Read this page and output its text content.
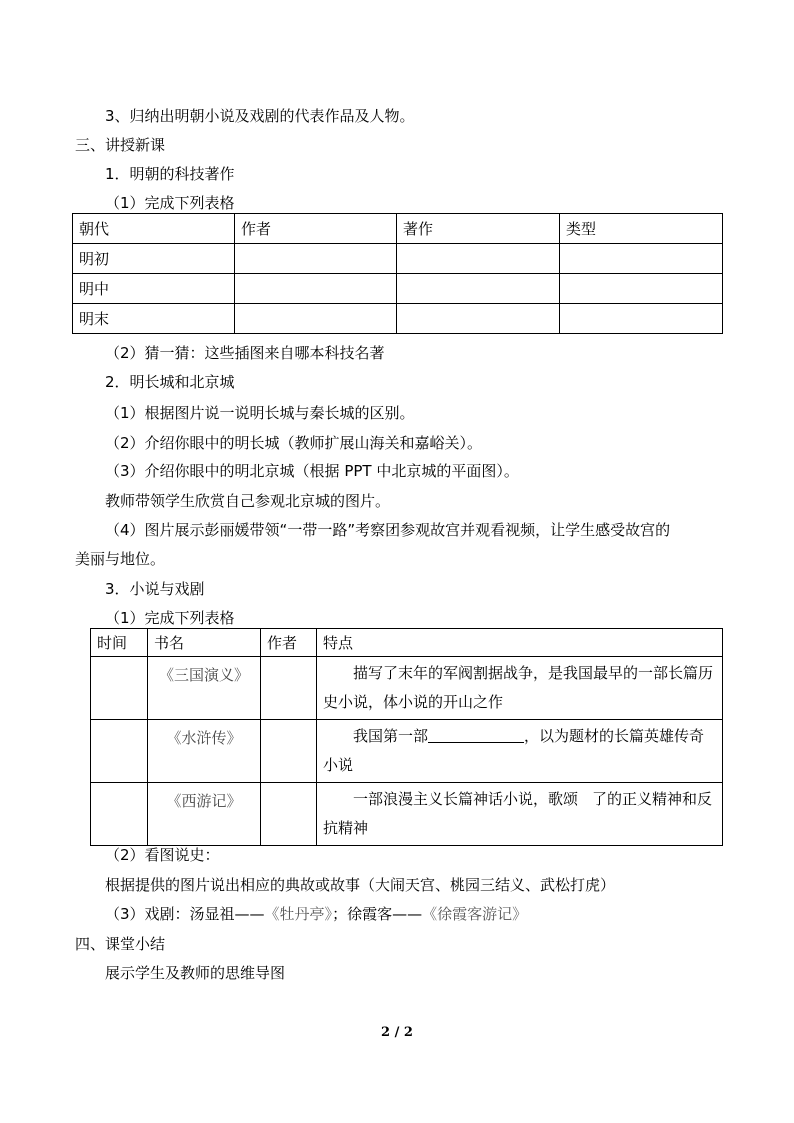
3、归纳出明朝小说及戏剧的代表作品及人物。
三、讲授新课
1．明朝的科技著作
（1）完成下列表格
朝代	作者	著作	类型
明初			
明中			
明末			
（2）猜一猜：这些插图来自哪本科技名著
2．明长城和北京城
（1）根据图片说一说明长城与秦长城的区别。
（2）介绍你眼中的明长城（教师扩展山海关和嘉峪关）。
（3）介绍你眼中的明北京城（根据 PPT 中北京城的平面图）。
教师带领学生欣赏自己参观北京城的图片。
（4）图片展示彭丽媛带领“一带一路”考察团参观故宫并观看视频，让学生感受故宫的
美丽与地位。
3．小说与戏剧
（1）完成下列表格
时间	书名	作者	特点
	《三国演义》		描写了末年的军阀割据战争，是我国最早的一部长篇历史小说，体小说的开山之作
	《水浒传》		我国第一部 ，以为题材的长篇英雄传奇小说
	《西游记》		一部浪漫主义长篇神话小说，歌颂 了的正义精神和反抗精神
（2）看图说史：
根据提供的图片说出相应的典故或故事（大闹天宫、桃园三结义、武松打虎）
（3）戏剧：汤显祖——《牡丹亭》；徐霞客——《徐霞客游记》
四、课堂小结
展示学生及教师的思维导图
2 / 2
